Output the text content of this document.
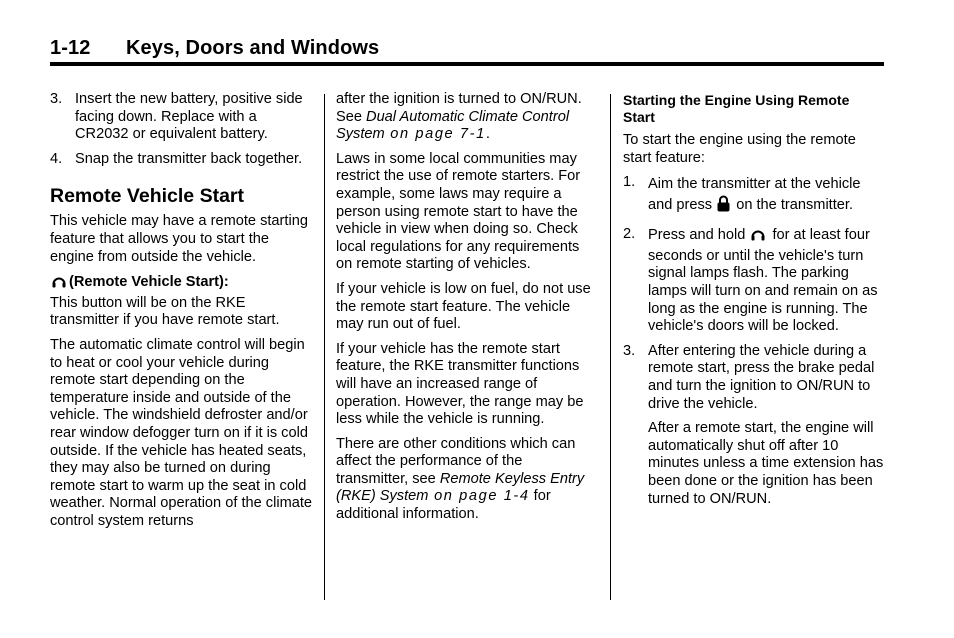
1-12 Keys, Doors and Windows
3. Insert the new battery, positive side facing down. Replace with a CR2032 or equivalent battery.
4. Snap the transmitter back together.
Remote Vehicle Start

This vehicle may have a remote starting feature that allows you to start the engine from outside the vehicle.

(Remote Vehicle Start):
This button will be on the RKE transmitter if you have remote start.

The automatic climate control will begin to heat or cool your vehicle during remote start depending on the temperature inside and outside of the vehicle. The windshield defroster and/or rear window defogger turn on if it is cold outside. If the vehicle has heated seats, they may also be turned on during remote start to warm up the seat in cold weather. Normal operation of the climate control system returns

after the ignition is turned to ON/RUN. See Dual Automatic Climate Control System on page 7-1.

Laws in some local communities may restrict the use of remote starters. For example, some laws may require a person using remote start to have the vehicle in view when doing so. Check local regulations for any requirements on remote starting of vehicles.

If your vehicle is low on fuel, do not use the remote start feature. The vehicle may run out of fuel.

If your vehicle has the remote start feature, the RKE transmitter functions will have an increased range of operation. However, the range may be less while the vehicle is running.

There are other conditions which can affect the performance of the transmitter, see Remote Keyless Entry (RKE) System on page 1-4 for additional information.

Starting the Engine Using Remote Start

To start the engine using the remote start feature:

1. Aim the transmitter at the vehicle and press  on the transmitter.
2. Press and hold  for at least four seconds or until the vehicle's turn signal lamps flash. The parking lamps will turn on and remain on as long as the engine is running. The vehicle's doors will be locked.
3. After entering the vehicle during a remote start, press the brake pedal and turn the ignition to ON/RUN to drive the vehicle.

After a remote start, the engine will automatically shut off after 10 minutes unless a time extension has been done or the ignition has been turned to ON/RUN.
